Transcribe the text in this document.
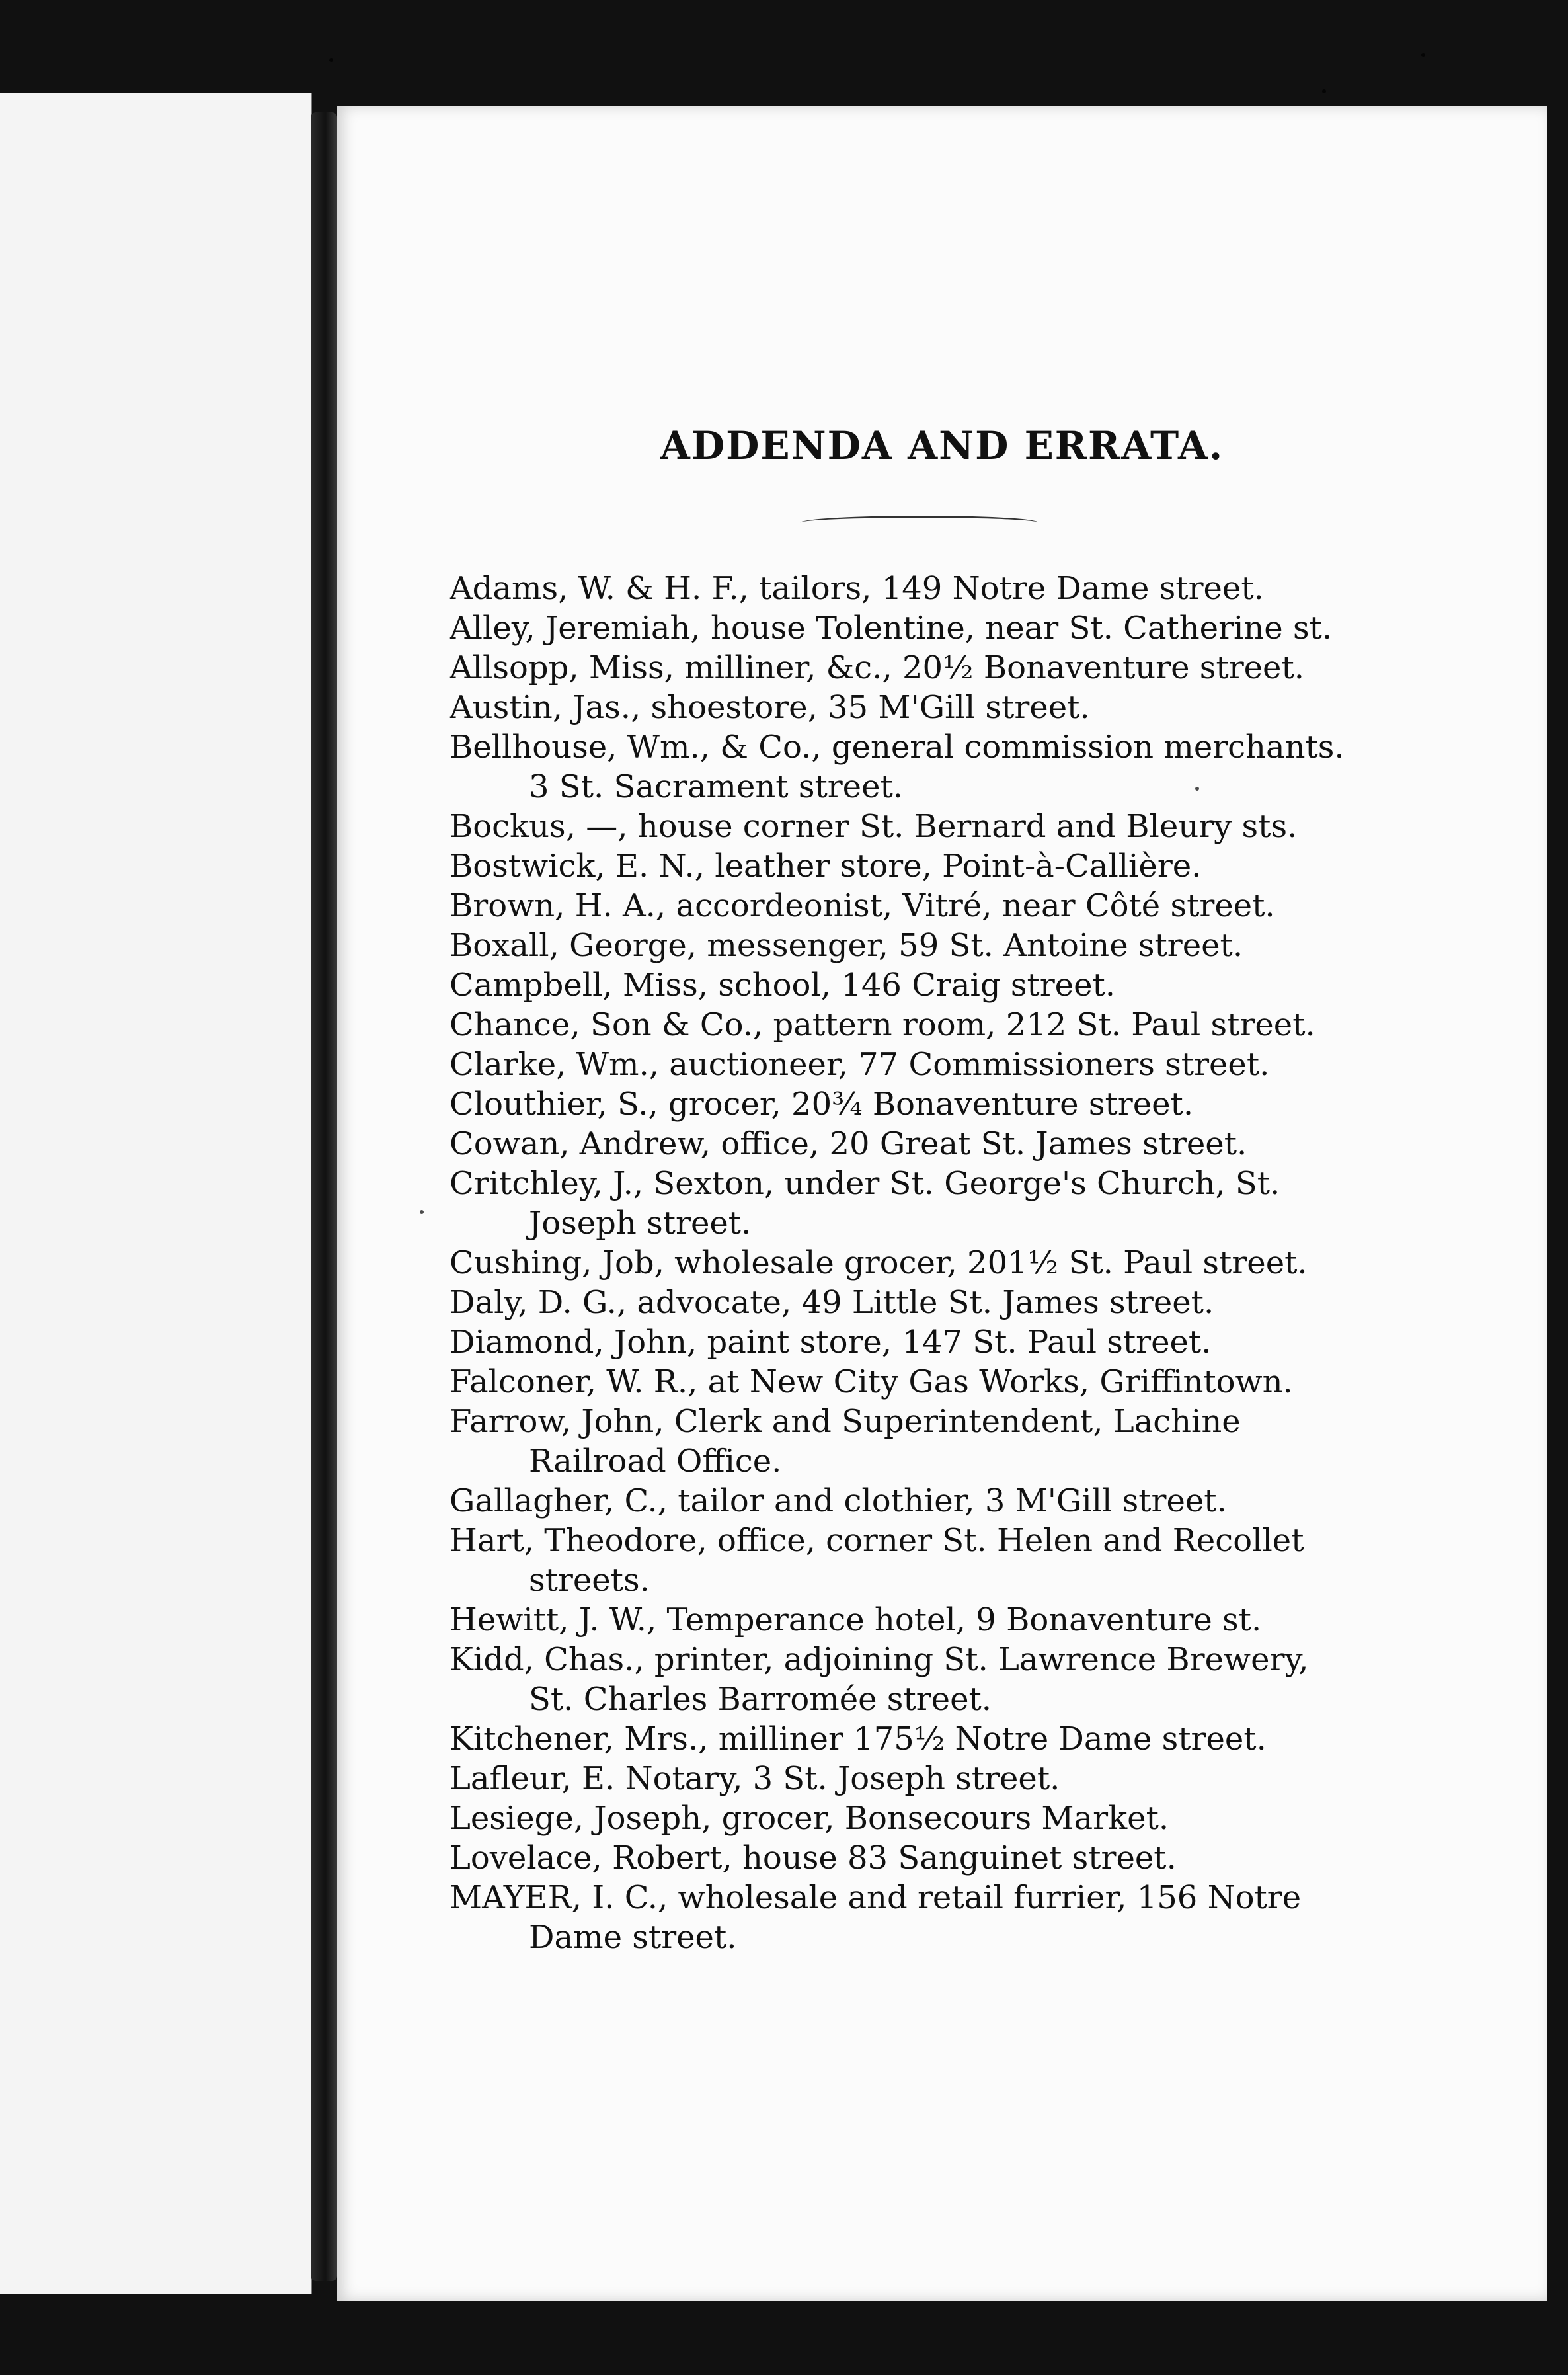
ADDENDA AND ERRATA.

Adams, W. & H. F., tailors, 149 Notre Dame street.

Alley, Jeremiah, house Tolentine, near St. Catherine st.

Allsopp, Miss, milliner, &c., 20½ Bonaventure street.

Austin, Jas., shoestore, 35 M'Gill street.

Bellhouse, Wm., & Co., general commission merchants.
3 St. Sacrament street.

Bockus, —, house corner St. Bernard and Bleury sts.

Bostwick, E. N., leather store, Point-à-Callière.

Brown, H. A., accordeonist, Vitré, near Côté street.

Boxall, George, messenger, 59 St. Antoine street.

Campbell, Miss, school, 146 Craig street.

Chance, Son & Co., pattern room, 212 St. Paul street.

Clarke, Wm., auctioneer, 77 Commissioners street.

Clouthier, S., grocer, 20¾ Bonaventure street.

Cowan, Andrew, office, 20 Great St. James street.

Critchley, J., Sexton, under St. George's Church, St.
Joseph street.

Cushing, Job, wholesale grocer, 201½ St. Paul street.

Daly, D. G., advocate, 49 Little St. James street.

Diamond, John, paint store, 147 St. Paul street.

Falconer, W. R., at New City Gas Works, Griffintown.

Farrow, John, Clerk and Superintendent, Lachine
Railroad Office.

Gallagher, C., tailor and clothier, 3 M'Gill street.

Hart, Theodore, office, corner St. Helen and Recollet
streets.

Hewitt, J. W., Temperance hotel, 9 Bonaventure st.

Kidd, Chas., printer, adjoining St. Lawrence Brewery,
St. Charles Barromée street.

Kitchener, Mrs., milliner 175½ Notre Dame street.

Lafleur, E. Notary, 3 St. Joseph street.

Lesiege, Joseph, grocer, Bonsecours Market.

Lovelace, Robert, house 83 Sanguinet street.

MAYER, I. C., wholesale and retail furrier, 156 Notre
Dame street.
